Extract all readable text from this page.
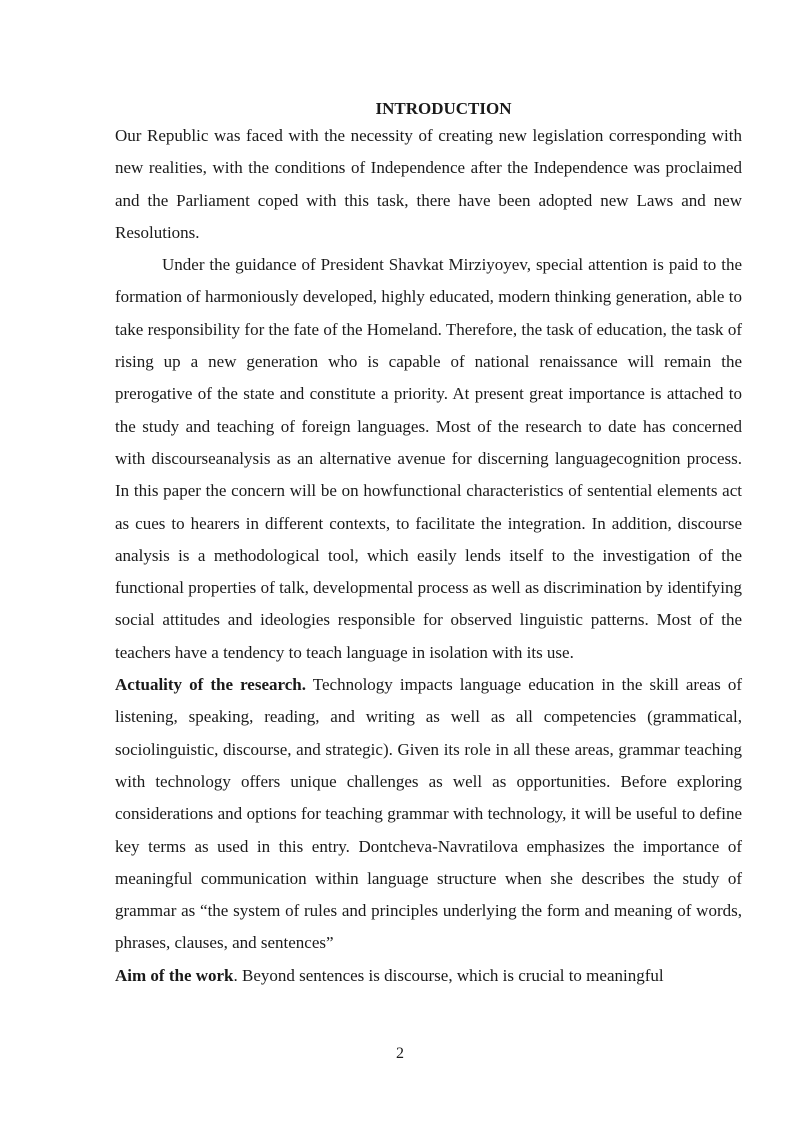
INTRODUCTION

Our Republic was faced with the necessity of creating new legislation corresponding with new realities, with the conditions of Independence after the Independence was proclaimed and the Parliament coped with this task, there have been adopted new Laws and new Resolutions.

Under the guidance of President Shavkat Mirziyoyev, special attention is paid to the formation of harmoniously developed, highly educated, modern thinking generation, able to take responsibility for the fate of the Homeland. Therefore, the task of education, the task of rising up a new generation who is capable of national renaissance will remain the prerogative of the state and constitute a priority. At present great importance is attached to the study and teaching of foreign languages. Most of the research to date has concerned with discourseanalysis as an alternative avenue for discerning languagecognition process. In this paper the concern will be on howfunctional characteristics of sentential elements act as cues to hearers in different contexts, to facilitate the integration. In addition, discourse analysis is a methodological tool, which easily lends itself to the investigation of the functional properties of talk, developmental process as well as discrimination by identifying social attitudes and ideologies responsible for observed linguistic patterns. Most of the teachers have a tendency to teach language in isolation with its use.

Actuality of the research. Technology impacts language education in the skill areas of listening, speaking, reading, and writing as well as all competencies (grammatical, sociolinguistic, discourse, and strategic). Given its role in all these areas, grammar teaching with technology offers unique challenges as well as opportunities. Before exploring considerations and options for teaching grammar with technology, it will be useful to define key terms as used in this entry. Dontcheva-Navratilova emphasizes the importance of meaningful communication within language structure when she describes the study of grammar as “the system of rules and principles underlying the form and meaning of words, phrases, clauses, and sentences”

Aim of the work. Beyond sentences is discourse, which is crucial to meaningful

2
